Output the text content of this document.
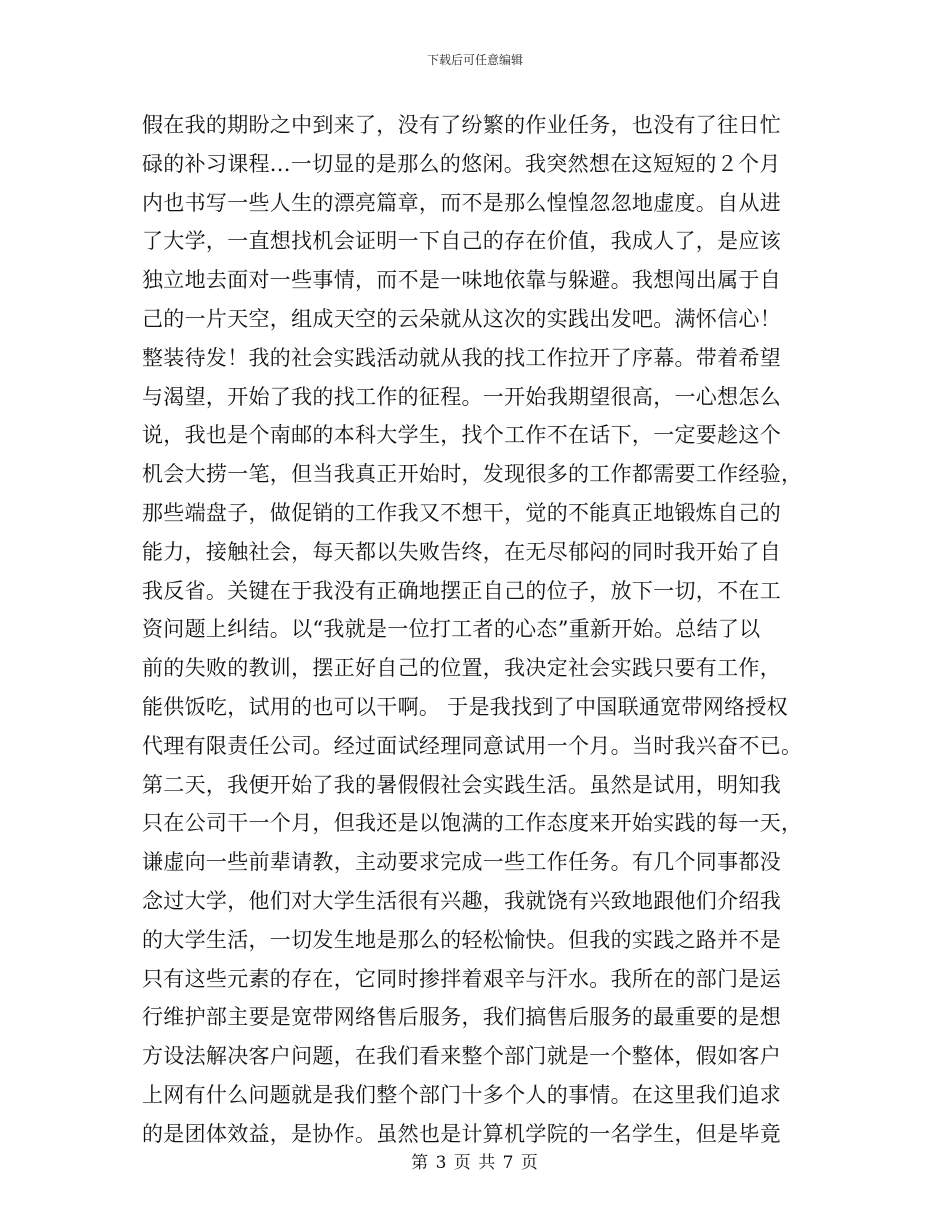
下载后可任意编辑
假在我的期盼之中到来了，没有了纷繁的作业任务，也没有了往日忙
碌的补习课程...一切显的是那么的悠闲。我突然想在这短短的２个月
内也书写一些人生的漂亮篇章，而不是那么惶惶忽忽地虚度。自从进
了大学，一直想找机会证明一下自己的存在价值，我成人了，是应该
独立地去面对一些事情，而不是一味地依靠与躲避。我想闯出属于自
己的一片天空，组成天空的云朵就从这次的实践出发吧。满怀信心！
整装待发！我的社会实践活动就从我的找工作拉开了序幕。带着希望
与渴望，开始了我的找工作的征程。一开始我期望很高，一心想怎么
说，我也是个南邮的本科大学生，找个工作不在话下，一定要趁这个
机会大捞一笔，但当我真正开始时，发现很多的工作都需要工作经验，
那些端盘子，做促销的工作我又不想干，觉的不能真正地锻炼自己的
能力，接触社会，每天都以失败告终，在无尽郁闷的同时我开始了自
我反省。关键在于我没有正确地摆正自己的位子，放下一切，不在工
资问题上纠结。以“我就是一位打工者的心态”重新开始。总结了以
前的失败的教训，摆正好自己的位置，我决定社会实践只要有工作，
能供饭吃，试用的也可以干啊。 于是我找到了中国联通宽带网络授权
代理有限责任公司。经过面试经理同意试用一个月。当时我兴奋不已。
第二天，我便开始了我的暑假假社会实践生活。虽然是试用，明知我
只在公司干一个月，但我还是以饱满的工作态度来开始实践的每一天，
谦虚向一些前辈请教，主动要求完成一些工作任务。有几个同事都没
念过大学，他们对大学生活很有兴趣，我就饶有兴致地跟他们介绍我
的大学生活，一切发生地是那么的轻松愉快。但我的实践之路并不是
只有这些元素的存在，它同时掺拌着艰辛与汗水。我所在的部门是运
行维护部主要是宽带网络售后服务，我们搞售后服务的最重要的是想
方设法解决客户问题，在我们看来整个部门就是一个整体，假如客户
上网有什么问题就是我们整个部门十多个人的事情。在这里我们追求
的是团体效益，是协作。虽然也是计算机学院的一名学生，但是毕竟
第 3 页 共 7 页
